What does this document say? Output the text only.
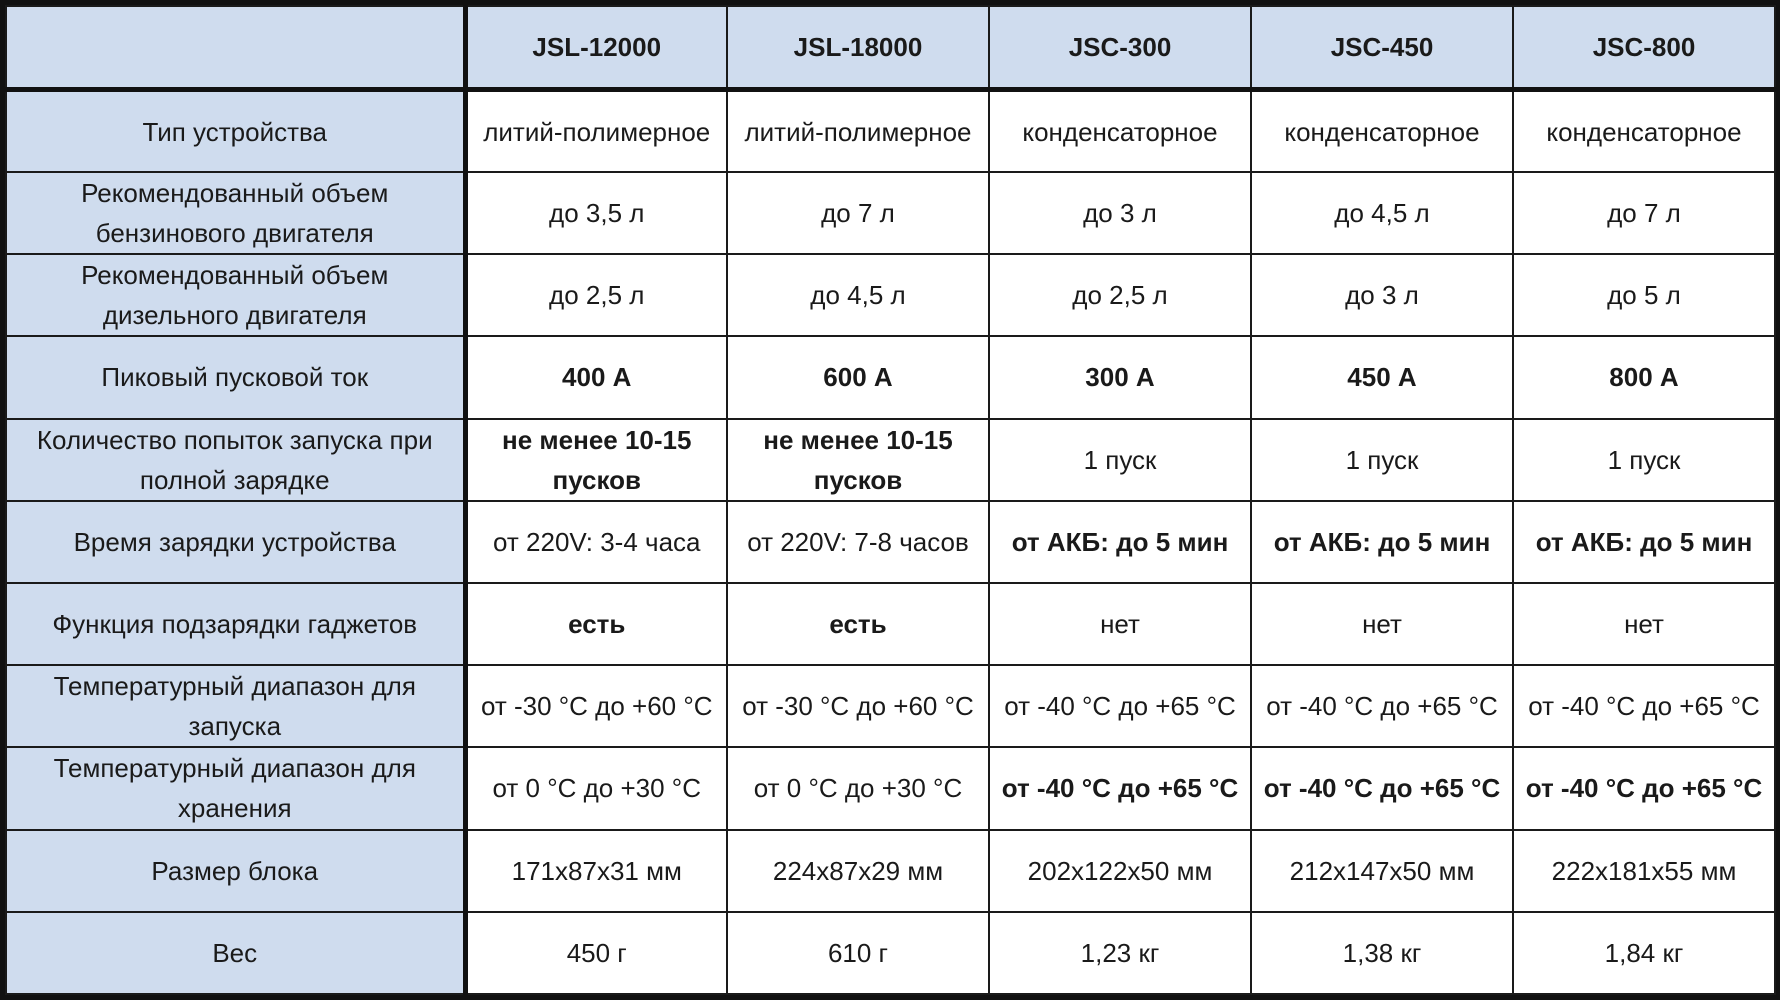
	JSL-12000	JSL-18000	JSC-300	JSC-450	JSC-800
Тип устройства	литий-полимерное	литий-полимерное	конденсаторное	конденсаторное	конденсаторное
Рекомендованный объем бензинового двигателя	до 3,5 л	до 7 л	до 3 л	до 4,5 л	до 7 л
Рекомендованный объем дизельного двигателя	до 2,5 л	до 4,5 л	до 2,5 л	до 3 л	до 5 л
Пиковый пусковой ток	400 А	600 А	300 А	450 А	800 А
Количество попыток запуска при полной зарядке	не менее 10-15 пусков	не менее 10-15 пусков	1 пуск	1 пуск	1 пуск
Время зарядки устройства	от 220V: 3-4 часа	от 220V: 7-8 часов	от АКБ: до 5 мин	от АКБ: до 5 мин	от АКБ: до 5 мин
Функция подзарядки гаджетов	есть	есть	нет	нет	нет
Температурный диапазон для запуска	от -30 °C до +60 °C	от -30 °C до +60 °C	от -40 °C до +65 °C	от -40 °C до +65 °C	от -40 °C до +65 °C
Температурный диапазон для хранения	от 0 °C до +30 °C	от 0 °C до +30 °C	от -40 °C до +65 °C	от -40 °C до +65 °C	от -40 °C до +65 °C
Размер блока	171x87x31 мм	224x87x29 мм	202x122x50 мм	212x147x50 мм	222x181x55 мм
Вес	450 г	610 г	1,23 кг	1,38 кг	1,84 кг
